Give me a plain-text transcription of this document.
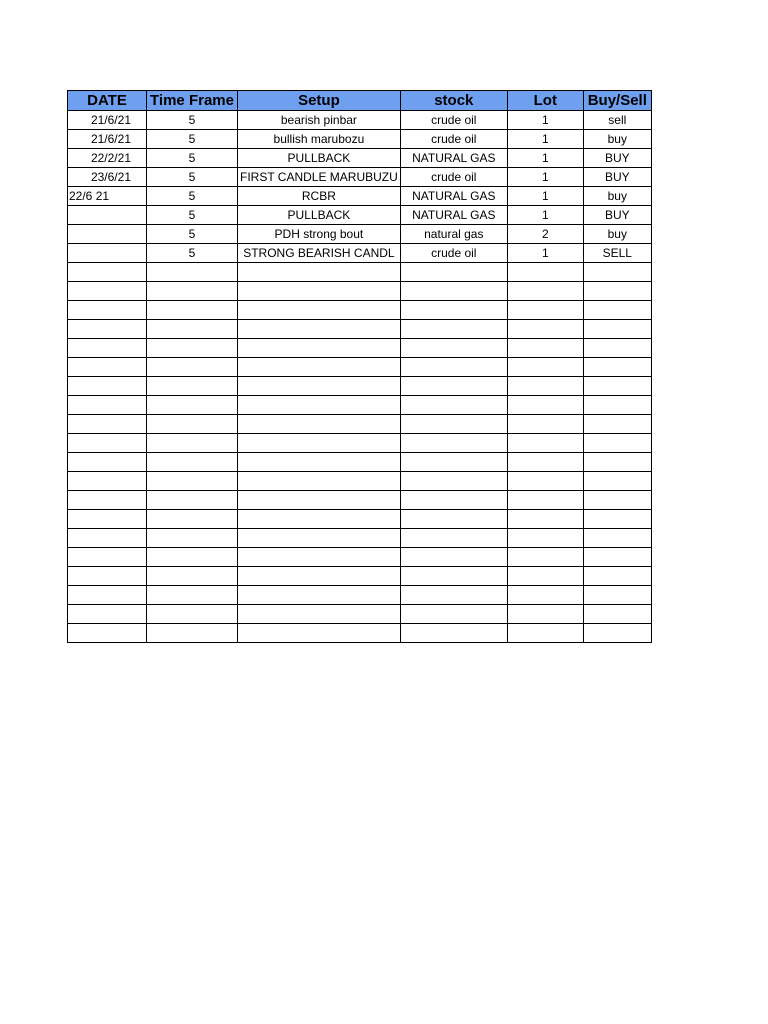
DATE	Time Frame	Setup	stock	Lot	Buy/Sell
21/6/21	5	bearish pinbar	crude oil	1	sell
21/6/21	5	bullish marubozu	crude oil	1	buy
22/2/21	5	PULLBACK	NATURAL GAS	1	BUY
23/6/21	5	FIRST CANDLE MARUBUZU	crude oil	1	BUY
22/6 21	5	RCBR	NATURAL GAS	1	buy
	5	PULLBACK	NATURAL GAS	1	BUY
	5	PDH strong bout	natural gas	2	buy
	5	STRONG BEARISH CANDL	crude oil	1	SELL
